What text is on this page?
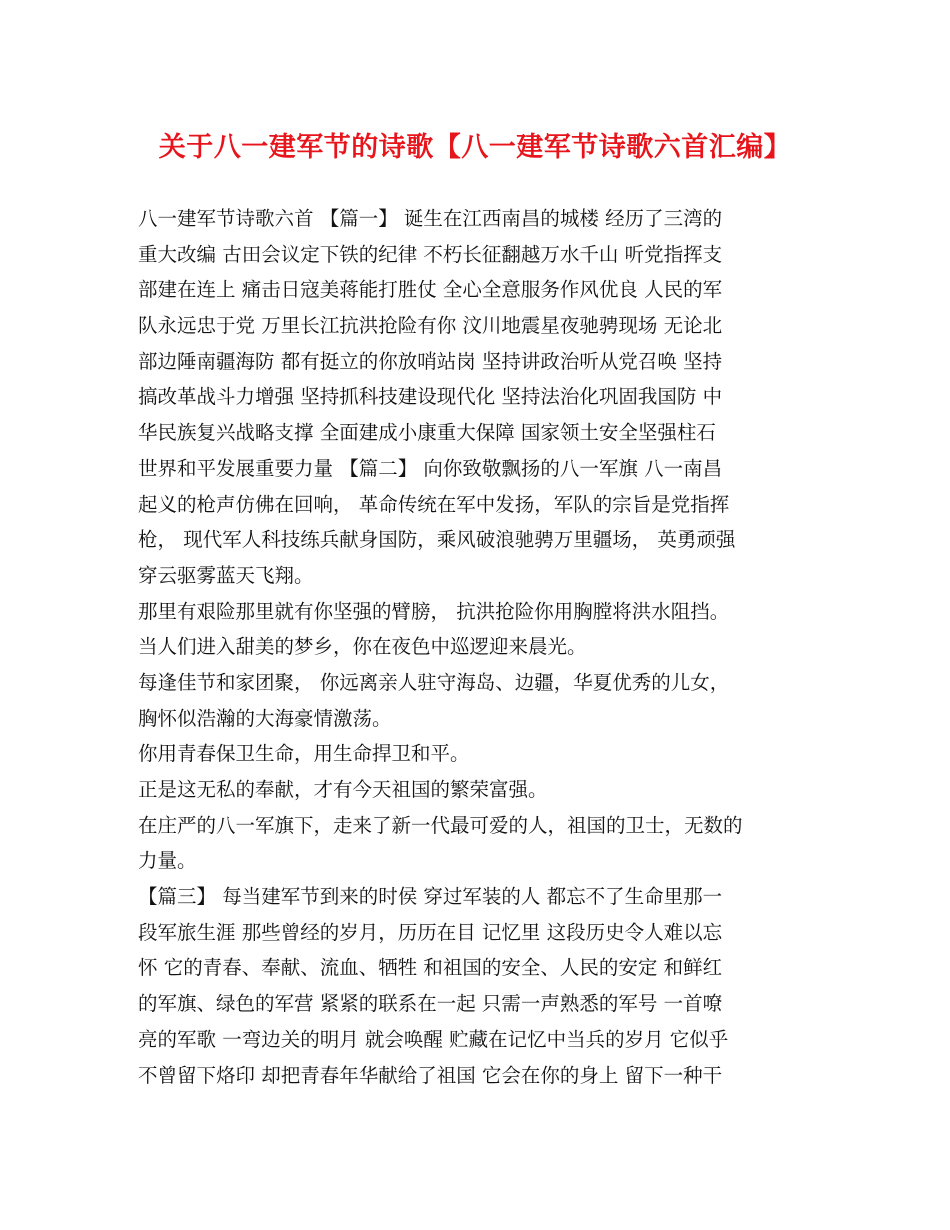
关于八一建军节的诗歌【八一建军节诗歌六首汇编】
八一建军节诗歌六首 【篇一】 诞生在江西南昌的城楼 经历了三湾的
重大改编 古田会议定下铁的纪律 不朽长征翻越万水千山 听党指挥支
部建在连上 痛击日寇美蒋能打胜仗 全心全意服务作风优良 人民的军
队永远忠于党 万里长江抗洪抢险有你 汶川地震星夜驰骋现场 无论北
部边陲南疆海防 都有挺立的你放哨站岗 坚持讲政治听从党召唤 坚持
搞改革战斗力增强 坚持抓科技建设现代化 坚持法治化巩固我国防 中
华民族复兴战略支撑 全面建成小康重大保障 国家领土安全坚强柱石
世界和平发展重要力量 【篇二】 向你致敬飘扬的八一军旗 八一南昌
起义的枪声仿佛在回响， 革命传统在军中发扬，军队的宗旨是党指挥
枪， 现代军人科技练兵献身国防，乘风破浪驰骋万里疆场， 英勇顽强
穿云驱雾蓝天飞翔。
那里有艰险那里就有你坚强的臂膀， 抗洪抢险你用胸膛将洪水阻挡。
当人们进入甜美的梦乡，你在夜色中巡逻迎来晨光。
每逢佳节和家团聚， 你远离亲人驻守海岛、边疆，华夏优秀的儿女，
胸怀似浩瀚的大海豪情激荡。
你用青春保卫生命，用生命捍卫和平。
正是这无私的奉献，才有今天祖国的繁荣富强。
在庄严的八一军旗下，走来了新一代最可爱的人，祖国的卫士，无数的
力量。
【篇三】 每当建军节到来的时侯 穿过军装的人 都忘不了生命里那一
段军旅生涯 那些曾经的岁月，历历在目 记忆里 这段历史令人难以忘
怀 它的青春、奉献、流血、牺牲 和祖国的安全、人民的安定 和鲜红
的军旗、绿色的军营 紧紧的联系在一起 只需一声熟悉的军号 一首嘹
亮的军歌 一弯边关的明月 就会唤醒 贮藏在记忆中当兵的岁月 它似乎
不曾留下烙印 却把青春年华献给了祖国 它会在你的身上 留下一种干
